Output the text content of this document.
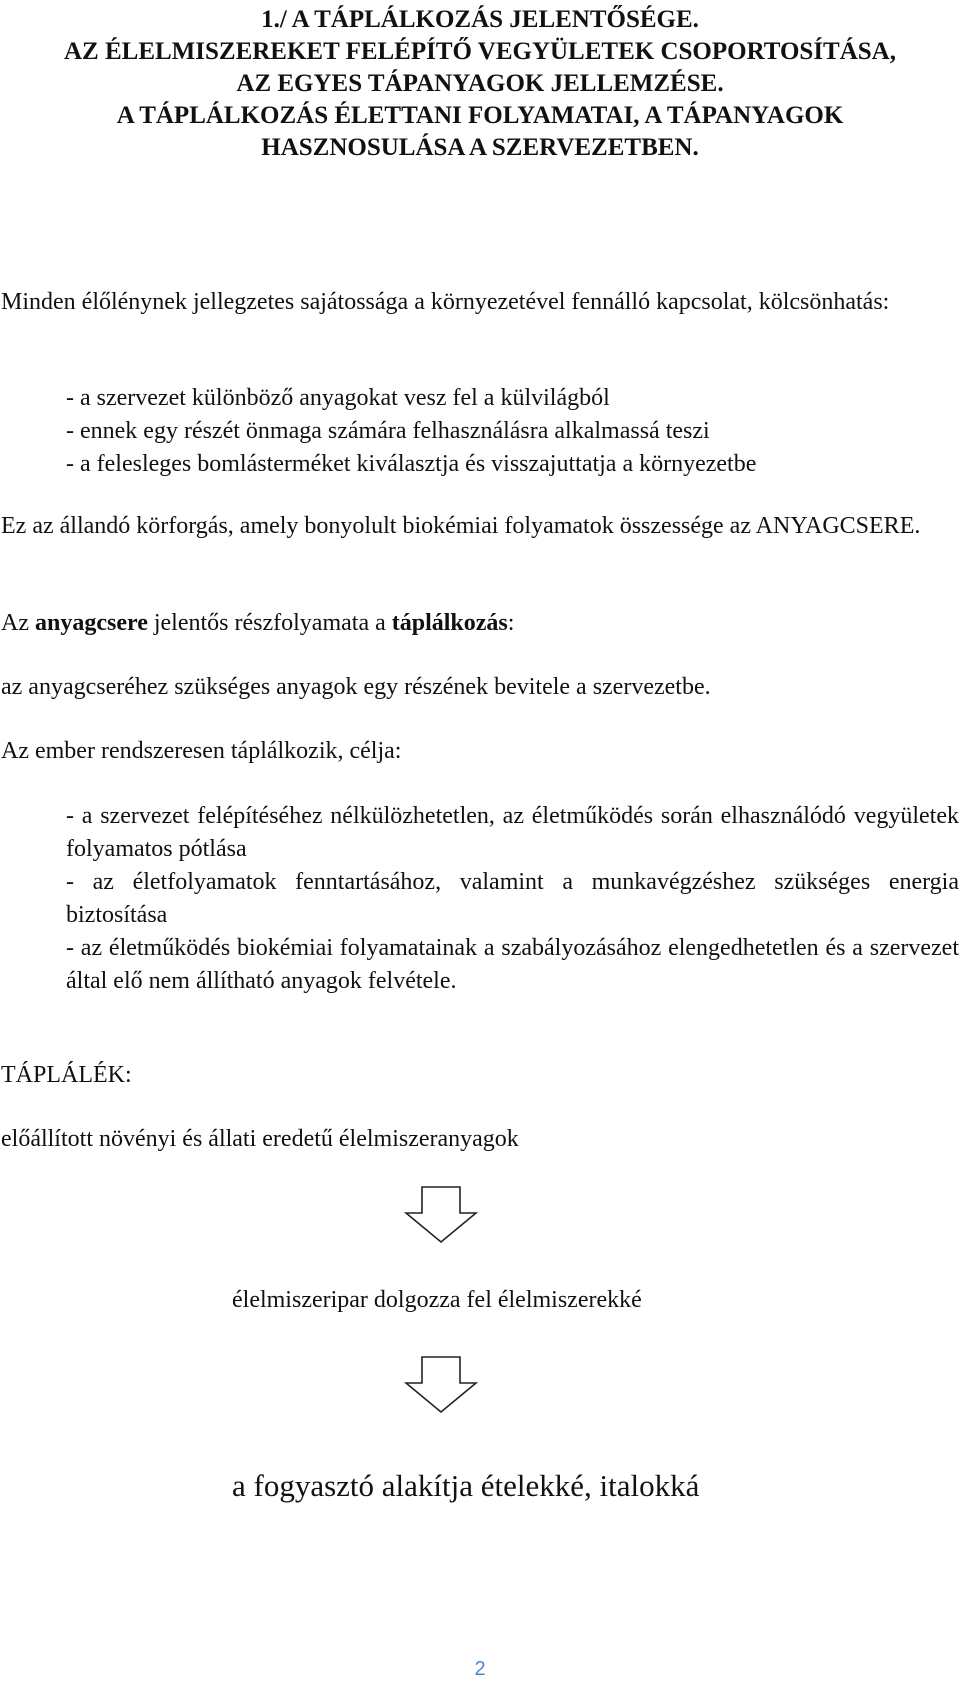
1./ A TÁPLÁLKOZÁS JELENTŐSÉGE.
AZ ÉLELMISZEREKET FELÉPÍTŐ VEGYÜLETEK CSOPORTOSÍTÁSA,
AZ EGYES TÁPANYAGOK JELLEMZÉSE.
A TÁPLÁLKOZÁS ÉLETTANI FOLYAMATAI, A TÁPANYAGOK
HASZNOSULÁSA A SZERVEZETBEN.

Minden élőlénynek jellegzetes sajátossága a környezetével fennálló kapcsolat, kölcsönhatás:

- a szervezet különböző anyagokat vesz fel a külvilágból

- ennek egy részét önmaga számára felhasználásra alkalmassá teszi

- a felesleges bomlásterméket kiválasztja és visszajuttatja a környezetbe

Ez az állandó körforgás, amely bonyolult biokémiai folyamatok összessége az ANYAGCSERE.

Az anyagcsere jelentős részfolyamata a táplálkozás:

az anyagcseréhez szükséges anyagok egy részének bevitele a szervezetbe.

Az ember rendszeresen táplálkozik, célja:

- a szervezet felépítéséhez nélkülözhetetlen, az életműködés során elhasználódó vegyületek folyamatos pótlása

- az életfolyamatok fenntartásához, valamint a munkavégzéshez szükséges energia biztosítása

- az életműködés biokémiai folyamatainak a szabályozásához elengedhetetlen és a szervezet által elő nem állítható anyagok felvétele.

TÁPLÁLÉK:

előállított növényi és állati eredetű élelmiszeranyagok

élelmiszeripar dolgozza fel élelmiszerekké
a fogyasztó alakítja ételekké, italokká
2
